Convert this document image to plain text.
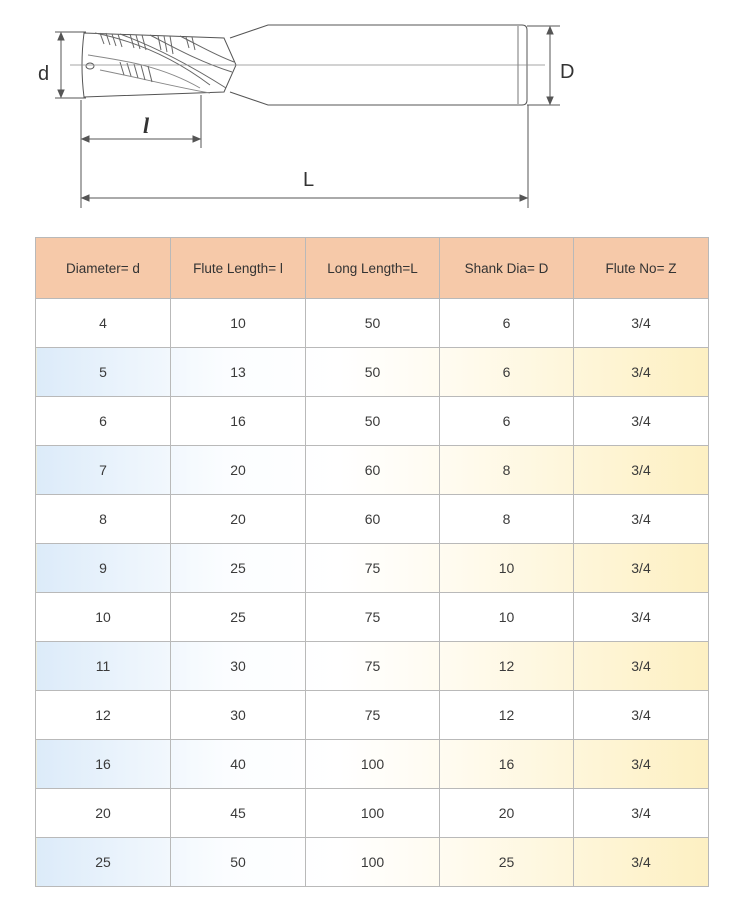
d	D
l
L
Diameter= d	Flute Length= l	Long Length=L	Shank Dia= D	Flute No= Z
4	10	50	6	3/4
5	13	50	6	3/4
6	16	50	6	3/4
7	20	60	8	3/4
8	20	60	8	3/4
9	25	75	10	3/4
10	25	75	10	3/4
11	30	75	12	3/4
12	30	75	12	3/4
16	40	100	16	3/4
20	45	100	20	3/4
25	50	100	25	3/4
